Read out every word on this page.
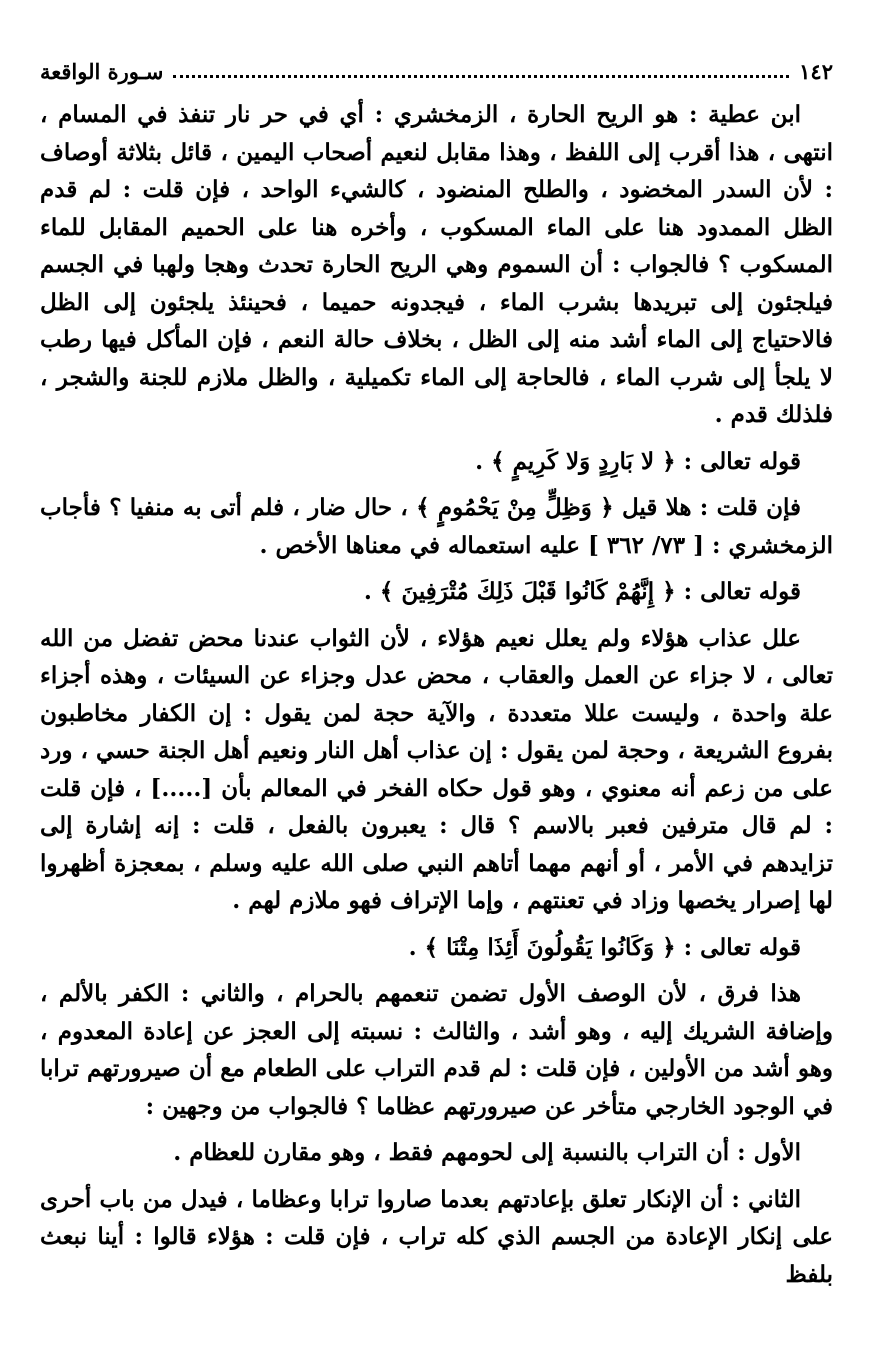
١٤٢
سـورة الواقعة

ابن عطية : هو الريح الحارة ، الزمخشري : أي في حر نار تنفذ في المسام ، انتهى ، هذا أقرب إلى اللفظ ، وهذا مقابل لنعيم أصحاب اليمين ، قائل بثلاثة أوصاف : لأن السدر المخضود ، والطلح المنضود ، كالشيء الواحد ، فإن قلت : لم قدم الظل الممدود هنا على الماء المسكوب ، وأخره هنا على الحميم المقابل للماء المسكوب ؟ فالجواب : أن السموم وهي الريح الحارة تحدث وهجا ولهبا في الجسم فيلجئون إلى تبريدها بشرب الماء ، فيجدونه حميما ، فحينئذ يلجئون إلى الظل فالاحتياج إلى الماء أشد منه إلى الظل ، بخلاف حالة النعم ، فإن المأكل فيها رطب لا يلجأ إلى شرب الماء ، فالحاجة إلى الماء تكميلية ، والظل ملازم للجنة والشجر ، فلذلك قدم .

قوله تعالى : ﴿ لا بَارِدٍ وَلا كَرِيمٍ ﴾ .

فإن قلت : هلا قيل ﴿ وَظِلٍّ مِنْ يَحْمُومٍ ﴾ ، حال ضار ، فلم أتى به منفيا ؟ فأجاب الزمخشري : [ ٧٣/ ٣٦٢ ] عليه استعماله في معناها الأخص .

قوله تعالى : ﴿ إِنَّهُمْ كَانُوا قَبْلَ ذَلِكَ مُتْرَفِينَ ﴾ .

علل عذاب هؤلاء ولم يعلل نعيم هؤلاء ، لأن الثواب عندنا محض تفضل من الله تعالى ، لا جزاء عن العمل والعقاب ، محض عدل وجزاء عن السيئات ، وهذه أجزاء علة واحدة ، وليست عللا متعددة ، والآية حجة لمن يقول : إن الكفار مخاطبون بفروع الشريعة ، وحجة لمن يقول : إن عذاب أهل النار ونعيم أهل الجنة حسي ، ورد على من زعم أنه معنوي ، وهو قول حكاه الفخر في المعالم بأن [.....] ، فإن قلت : لم قال مترفين فعبر بالاسم ؟ قال : يعبرون بالفعل ، قلت : إنه إشارة إلى تزايدهم في الأمر ، أو أنهم مهما أتاهم النبي صلى الله عليه وسلم ، بمعجزة أظهروا لها إصرار يخصها وزاد في تعنتهم ، وإما الإتراف فهو ملازم لهم .

قوله تعالى : ﴿ وَكَانُوا يَقُولُونَ أَئِذَا مِتْنَا ﴾ .

هذا فرق ، لأن الوصف الأول تضمن تنعمهم بالحرام ، والثاني : الكفر بالألم ، وإضافة الشريك إليه ، وهو أشد ، والثالث : نسبته إلى العجز عن إعادة المعدوم ، وهو أشد من الأولين ، فإن قلت : لم قدم التراب على الطعام مع أن صيرورتهم ترابا في الوجود الخارجي متأخر عن صيرورتهم عظاما ؟ فالجواب من وجهين :

الأول : أن التراب بالنسبة إلى لحومهم فقط ، وهو مقارن للعظام .

الثاني : أن الإنكار تعلق بإعادتهم بعدما صاروا ترابا وعظاما ، فيدل من باب أحرى على إنكار الإعادة من الجسم الذي كله تراب ، فإن قلت : هؤلاء قالوا : أينا نبعث بلفظ
